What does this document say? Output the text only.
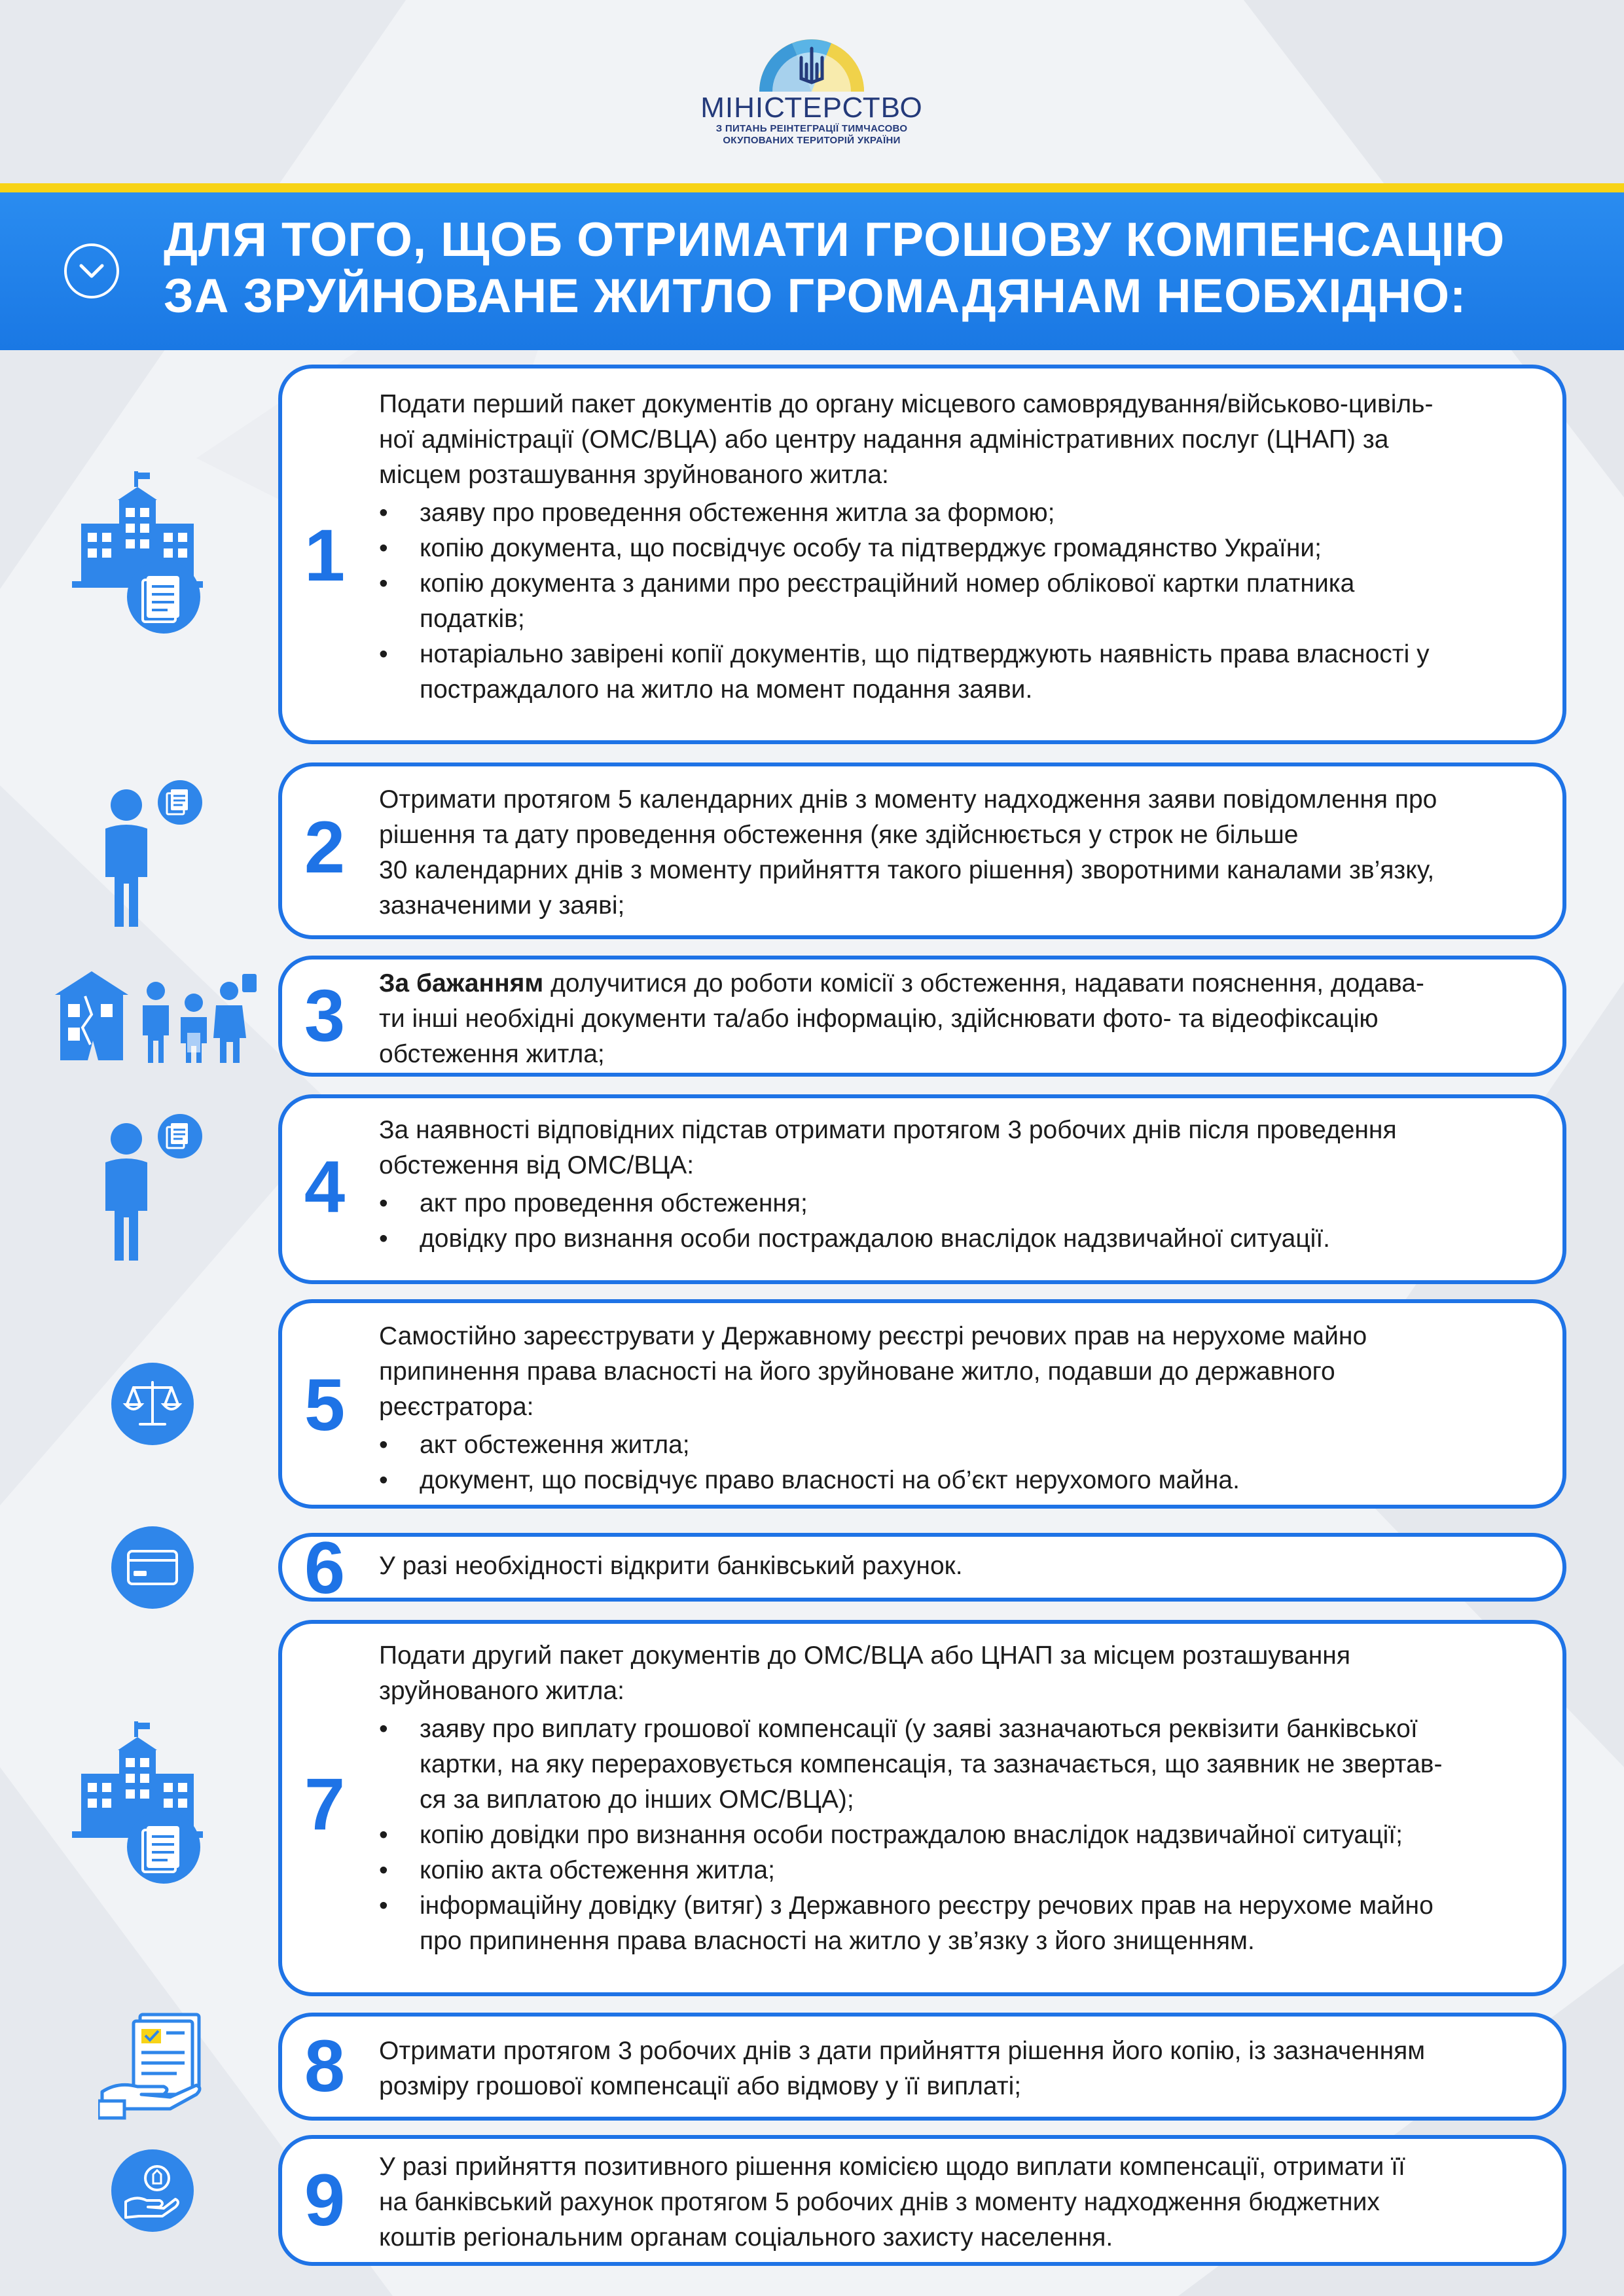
МІНІСТЕРСТВО
З ПИТАНЬ РЕІНТЕГРАЦІЇ ТИМЧАСОВО
ОКУПОВАНИХ ТЕРИТОРІЙ УКРАЇНИ
ДЛЯ ТОГО, ЩОБ ОТРИМАТИ ГРОШОВУ КОМПЕНСАЦІЮ
ЗА ЗРУЙНОВАНЕ ЖИТЛО ГРОМАДЯНАМ НЕОБХІДНО:
1
Подати перший пакет документів до органу місцевого самоврядування/військово-цивіль-
ної адміністрації (ОМС/ВЦА) або центру надання адміністративних послуг (ЦНАП) за
місцем розташування зруйнованого житла:
• заяву про проведення обстеження житла за формою;
• копію документа, що посвідчує особу та підтверджує громадянство України;
• копію документа з даними про реєстраційний номер облікової картки платника
податків;
• нотаріально завірені копії документів, що підтверджують наявність права власності у
постраждалого на житло на момент подання заяви.
2
Отримати протягом 5 календарних днів з моменту надходження заяви повідомлення про
рішення та дату проведення обстеження (яке здійснюється у строк не більше
30 календарних днів з моменту прийняття такого рішення) зворотними каналами зв’язку,
зазначеними у заяві;
3	За бажанням долучитися до роботи комісії з обстеження, надавати пояснення, додава-
ти інші необхідні документи та/або інформацію, здійснювати фото- та відеофіксацію
обстеження житла;
4
За наявності відповідних підстав отримати протягом 3 робочих днів після проведення
обстеження від ОМС/ВЦА:
• акт про проведення обстеження;
• довідку про визнання особи постраждалою внаслідок надзвичайної ситуації.
5
Самостійно зареєструвати у Державному реєстрі речових прав на нерухоме майно
припинення права власності на його зруйноване житло, подавши до державного
реєстратора:
• акт обстеження житла;
• документ, що посвідчує право власності на об’єкт нерухомого майна.
6	У разі необхідності відкрити банківський рахунок.
7
Подати другий пакет документів до ОМС/ВЦА або ЦНАП за місцем розташування
зруйнованого житла:
• заяву про виплату грошової компенсації (у заяві зазначаються реквізити банківської
картки, на яку перераховується компенсація, та зазначається, що заявник не звертав-
ся за виплатою до інших ОМС/ВЦА);
• копію довідки про визнання особи постраждалою внаслідок надзвичайної ситуації;
• копію акта обстеження житла;
• інформаційну довідку (витяг) з Державного реєстру речових прав на нерухоме майно
про припинення права власності на житло у зв’язку з його знищенням.
8	Отримати протягом 3 робочих днів з дати прийняття рішення його копію, із зазначенням
розміру грошової компенсації або відмову у її виплаті;
9	У разі прийняття позитивного рішення комісією щодо виплати компенсації, отримати її
на банківський рахунок протягом 5 робочих днів з моменту надходження бюджетних
коштів регіональним органам соціального захисту населення.
